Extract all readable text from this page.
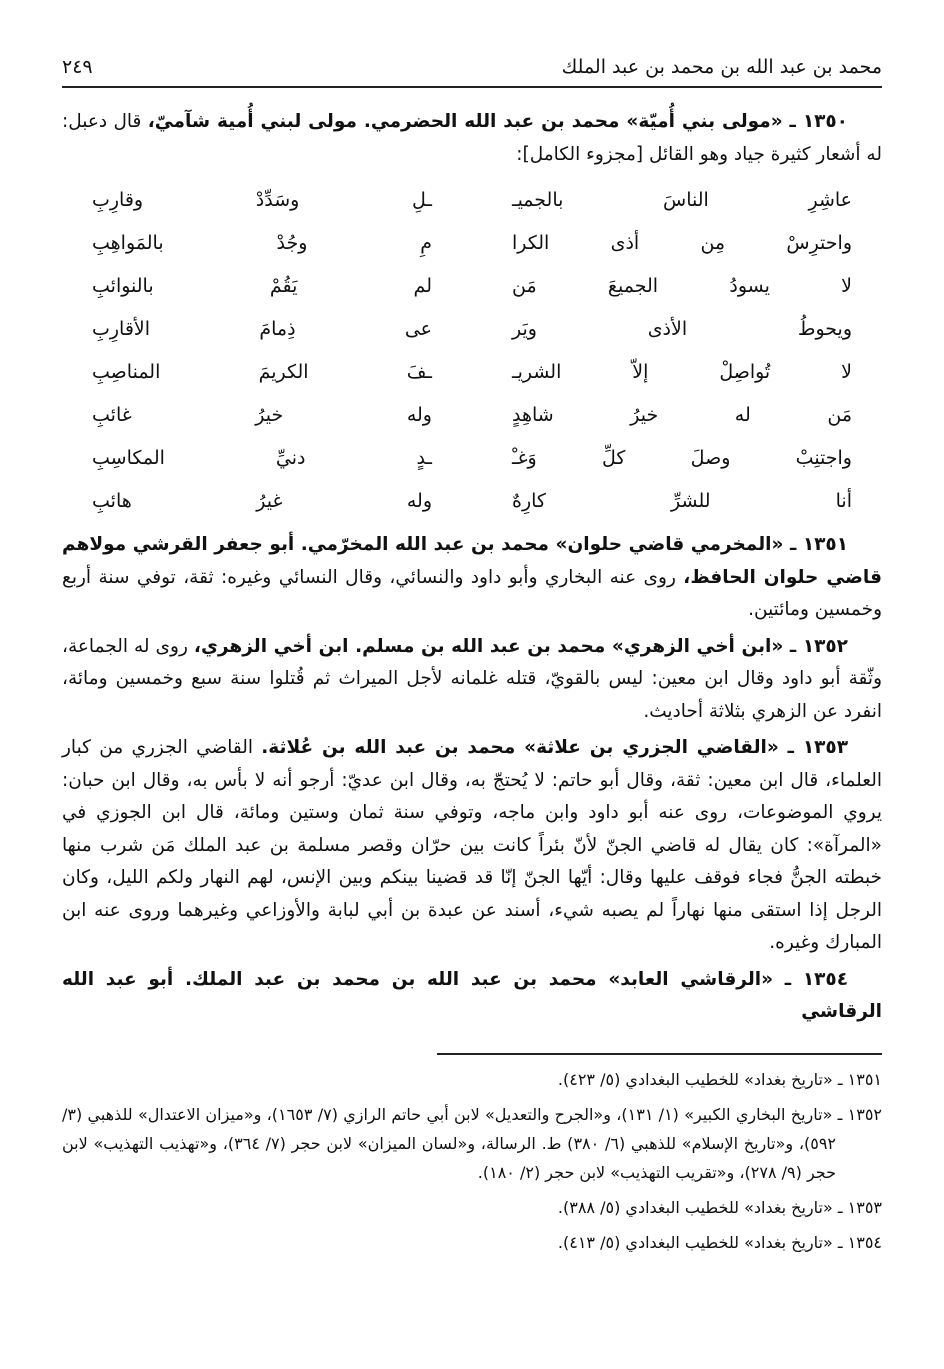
محمد بن عبد الله بن محمد بن عبد الملك
٢٤٩

١٣٥٠ ـ «مولى بني أُميّة» محمد بن عبد الله الحضرمي. مولى لبني أُمية شآميّ، قال دعبل: له أشعار كثيرة جياد وهو القائل [مجزوء الكامل]:

عاشِرِ الناسَ بالجميـ
ـلِ وسَدِّدْ وقارِبِ
واحترِسْ مِن أذى الكرا
مِ وجُدْ بالمَواهِبِ
لا يسودُ الجميعَ مَن
لم يَقُمْ بالنوائبِ
ويحوطُ الأذى ويَر
عى ذِمامَ الأقارِبِ
لا تُواصِلْ إلاّ الشريـ
ـفَ الكريمَ المناصِبِ
مَن له خيرُ شاهِدٍ
وله خيرُ غائبِ
واجتنِبْ وصلَ كلِّ وَغـْ
ـدٍ دنيِّ المكاسِبِ
أنا للشرِّ كارِهٌ
وله غيرُ هائبِ

١٣٥١ ـ «المخرمي قاضي حلوان» محمد بن عبد الله المخرّمي. أبو جعفر القرشي مولاهم قاضي حلوان الحافظ، روى عنه البخاري وأبو داود والنسائي، وقال النسائي وغيره: ثقة، توفي سنة أربع وخمسين ومائتين.

١٣٥٢ ـ «ابن أخي الزهري» محمد بن عبد الله بن مسلم. ابن أخي الزهري، روى له الجماعة، وثّقة أبو داود وقال ابن معين: ليس بالقويّ، قتله غلمانه لأجل الميراث ثم قُتلوا سنة سبع وخمسين ومائة، انفرد عن الزهري بثلاثة أحاديث.

١٣٥٣ ـ «القاضي الجزري بن علاثة» محمد بن عبد الله بن عُلاثة. القاضي الجزري من كبار العلماء، قال ابن معين: ثقة، وقال أبو حاتم: لا يُحتجّ به، وقال ابن عديّ: أرجو أنه لا بأس به، وقال ابن حبان: يروي الموضوعات، روى عنه أبو داود وابن ماجه، وتوفي سنة ثمان وستين ومائة، قال ابن الجوزي في «المرآة»: كان يقال له قاضي الجنّ لأنّ بئراً كانت بين حرّان وقصر مسلمة بن عبد الملك مَن شرب منها خبطته الجنُّ فجاء فوقف عليها وقال: أيّها الجنّ إنّا قد قضينا بينكم وبين الإنس، لهم النهار ولكم الليل، وكان الرجل إذا استقى منها نهاراً لم يصبه شيء، أسند عن عبدة بن أبي لبابة والأوزاعي وغيرهما وروى عنه ابن المبارك وغيره.

١٣٥٤ ـ «الرقاشي العابد» محمد بن عبد الله بن محمد بن عبد الملك. أبو عبد الله الرقاشي

١٣٥١ ـ «تاريخ بغداد» للخطيب البغدادي (٥/ ٤٢٣).

١٣٥٢ ـ «تاريخ البخاري الكبير» (١/ ١٣١)، و«الجرح والتعديل» لابن أبي حاتم الرازي (٧/ ١٦٥٣)، و«ميزان الاعتدال» للذهبي (٣/ ٥٩٢)، و«تاريخ الإسلام» للذهبي (٦/ ٣٨٠) ط. الرسالة، و«لسان الميزان» لابن حجر (٧/ ٣٦٤)، و«تهذيب التهذيب» لابن حجر (٩/ ٢٧٨)، و«تقريب التهذيب» لابن حجر (٢/ ١٨٠).

١٣٥٣ ـ «تاريخ بغداد» للخطيب البغدادي (٥/ ٣٨٨).

١٣٥٤ ـ «تاريخ بغداد» للخطيب البغدادي (٥/ ٤١٣).
